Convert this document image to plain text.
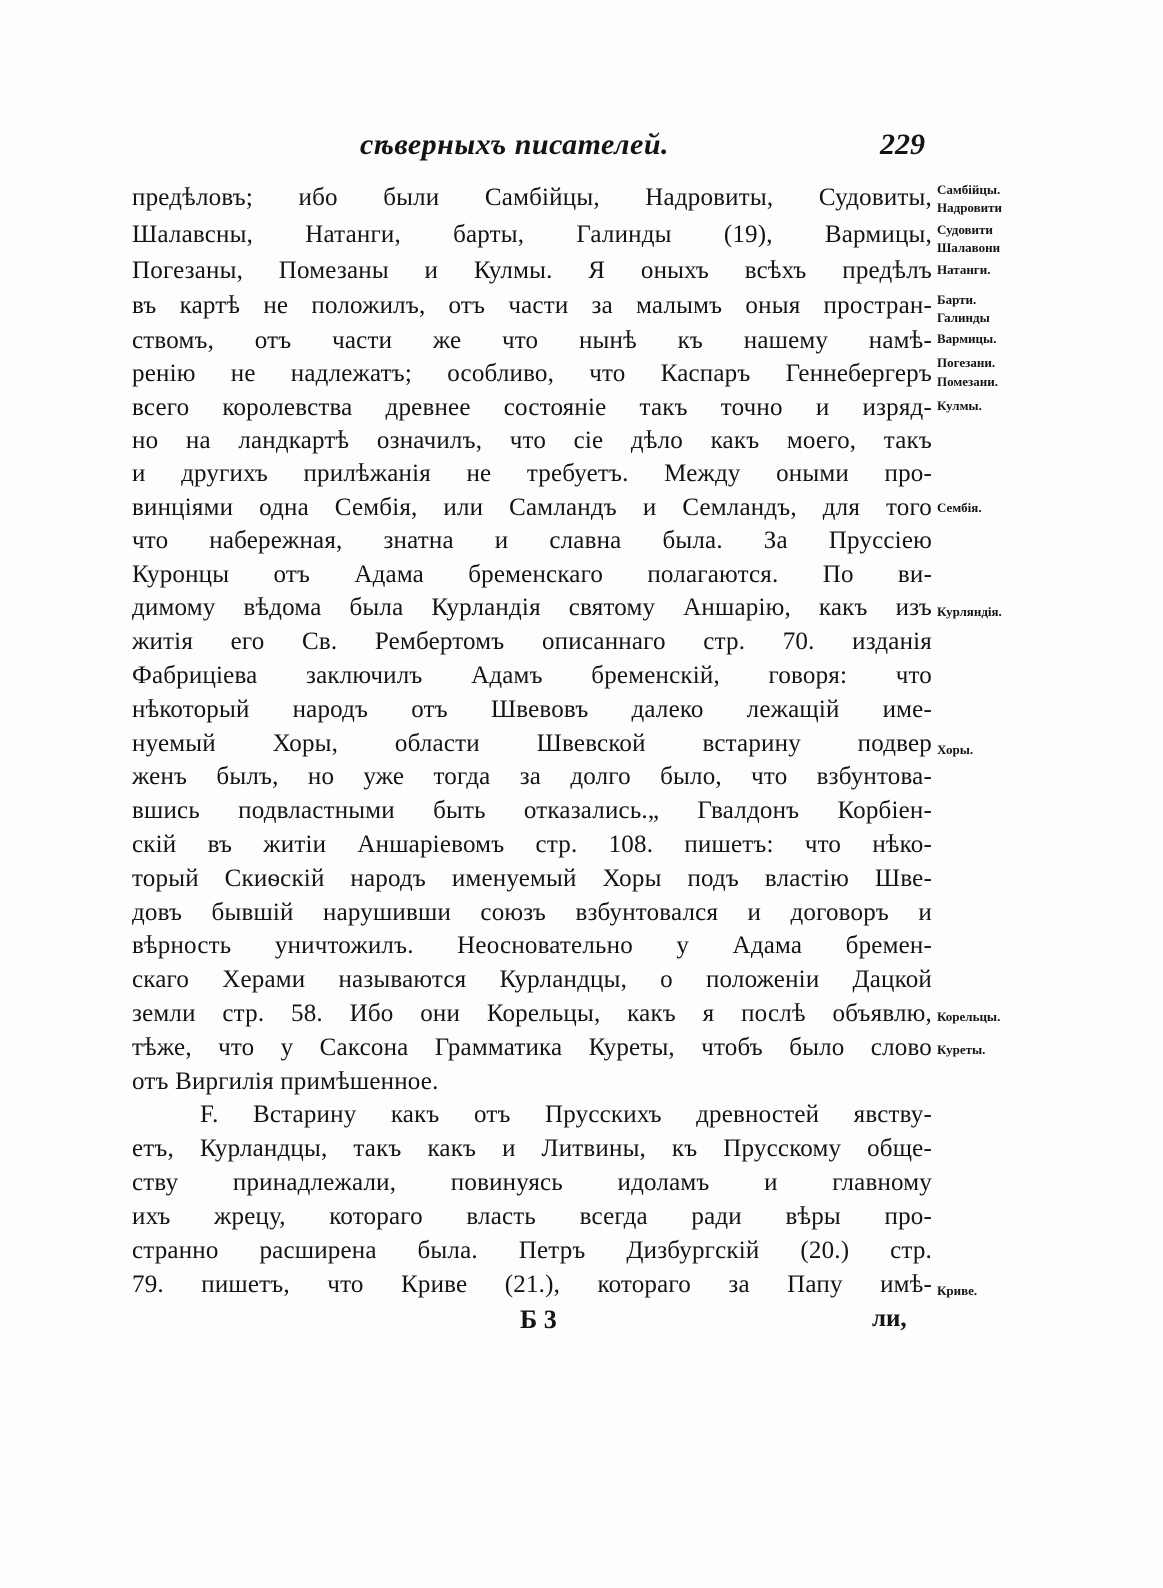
сѣверныхъ писателей.	229
предѣловъ; ибо были Самбійцы, Надровиты, Судовиты,
Шалавсны, Натанги, барты, Галинды (19), Вармицы,
Погезаны, Помезаны и Кулмы. Я оныхъ всѣхъ предѣлъ
въ картѣ не положилъ, отъ части за малымъ оныя простран-
ствомъ, отъ части же что нынѣ къ нашему намѣ-
ренію не надлежатъ; особливо, что Каспаръ Геннебергеръ
всего королевства древнее состояніе такъ точно и изряд-
но на ландкартѣ означилъ, что сіе дѣло какъ моего, такъ
и другихъ прилѣжанія не требуетъ. Между оными про-
винціями одна Сембія, или Самландъ и Семландъ, для того
что набережная, знатна и славна была. За Пруссіею
Куронцы отъ Адама бременскаго полагаются. По ви-
димому вѣдома была Курландія святому Аншарію, какъ изъ
житія его Св. Рембертомъ описаннаго стр. 70. изданія
Фабриціева заключилъ Адамъ бременскій, говоря: что
нѣкоторый народъ отъ Швевовъ далеко лежащій име-
нуемый Хоры, области Швевской встарину подвер
женъ былъ, но уже тогда за долго было, что взбунтова-
вшись подвластными быть отказались.„ Гвалдонъ Корбіен-
скій въ житіи Аншаріевомъ стр. 108. пишетъ: что нѣко-
торый Скиѳскій народъ именуемый Хоры подъ властію Шве-
довъ бывшій нарушивши союзъ взбунтовался и договоръ и
вѣрность уничтожилъ. Неосновательно у Адама бремен-
скаго Херами называются Курландцы, о положеніи Дацкой
земли стр. 58. Ибо они Корельцы, какъ я послѣ объявлю,
тѣже, что у Саксона Грамматика Куреты, чтобъ было слово
отъ Виргилія примѣшенное.
F. Встарину какъ отъ Прусскихъ древностей явству-
етъ, Курландцы, такъ какъ и Литвины, къ Прусскому обще-
ству принадлежали, повинуясь идоламъ и главному
ихъ жрецу, котораго власть всегда ради вѣры про-
странно расширена была. Петръ Дизбургскій (20.) стр.
79. пишетъ, что Криве (21.), котораго за Папу имѣ-
Самбійцы.
Надровити
Судовити
Шалавони
Натанги.
Барти.
Галинды
Вармицы.
Погезани.
Помезани.
Кулмы.
Сембія.
Курляндія.
Хоры.
Корельцы.
Куреты.
Криве.
Б 3	ли,
